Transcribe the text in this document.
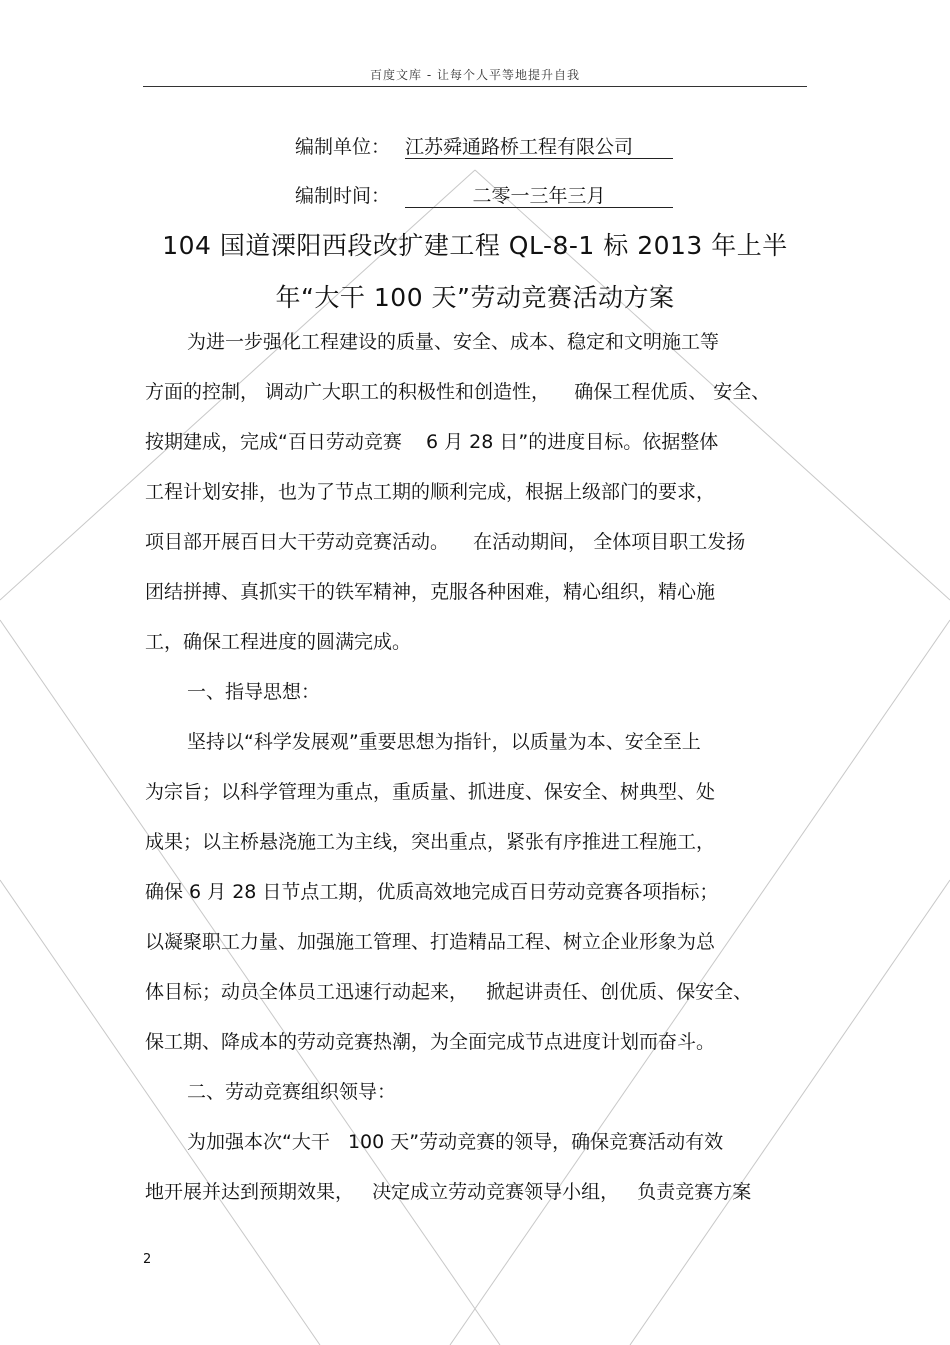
百度文库 - 让每个人平等地提升自我
编制单位： 江苏舜通路桥工程有限公司
编制时间：	二零一三年三月
104 国道溧阳西段改扩建工程 QL-8-1 标 2013 年上半
年“大干 100 天”劳动竞赛活动方案
为进一步强化工程建设的质量、安全、成本、稳定和文明施工等
方面的控制， 调动广大职工的积极性和创造性，    确保工程优质、 安全、
按期建成，完成“百日劳动竞赛    6 月 28 日”的进度目标。依据整体
工程计划安排，也为了节点工期的顺利完成，根据上级部门的要求，
项目部开展百日大干劳动竞赛活动。    在活动期间， 全体项目职工发扬
团结拼搏、真抓实干的铁军精神，克服各种困难，精心组织，精心施
工，确保工程进度的圆满完成。
一、指导思想：
坚持以“科学发展观”重要思想为指针，以质量为本、安全至上
为宗旨；以科学管理为重点，重质量、抓进度、保安全、树典型、处
成果；以主桥悬浇施工为主线，突出重点，紧张有序推进工程施工，
确保 6 月 28 日节点工期，优质高效地完成百日劳动竞赛各项指标；
以凝聚职工力量、加强施工管理、打造精品工程、树立企业形象为总
体目标；动员全体员工迅速行动起来，   掀起讲责任、创优质、保安全、
保工期、降成本的劳动竞赛热潮，为全面完成节点进度计划而奋斗。
二、劳动竞赛组织领导：
为加强本次“大干   100 天”劳动竞赛的领导，确保竞赛活动有效
地开展并达到预期效果，   决定成立劳动竞赛领导小组，   负责竞赛方案
2
